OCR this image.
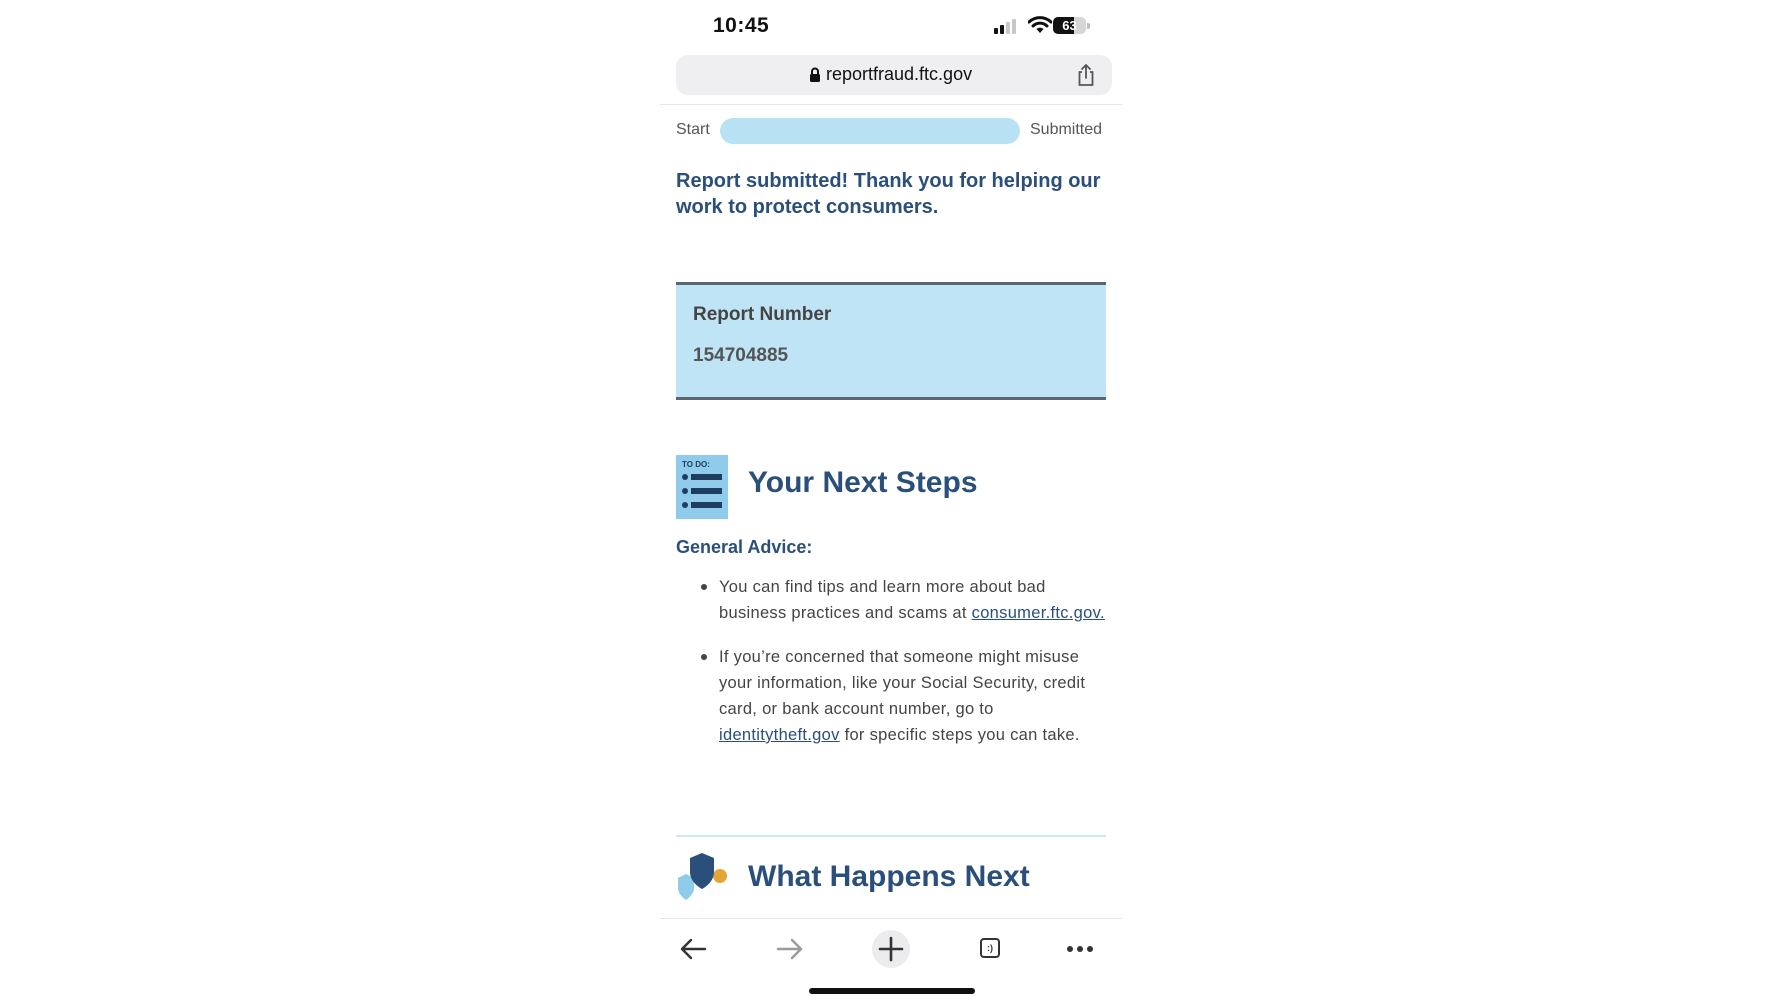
10:45	63
reportfraud.ftc.gov
Start	Submitted
Report submitted! Thank you for helping our work to protect consumers.
Report Number
154704885
TO DO:
Your Next Steps
General Advice:
You can find tips and learn more about bad business practices and scams at consumer.ftc.gov.
If you’re concerned that someone might misuse your information, like your Social Security, credit card, or bank account number, go to identitytheft.gov for specific steps you can take.
What Happens Next
:)
